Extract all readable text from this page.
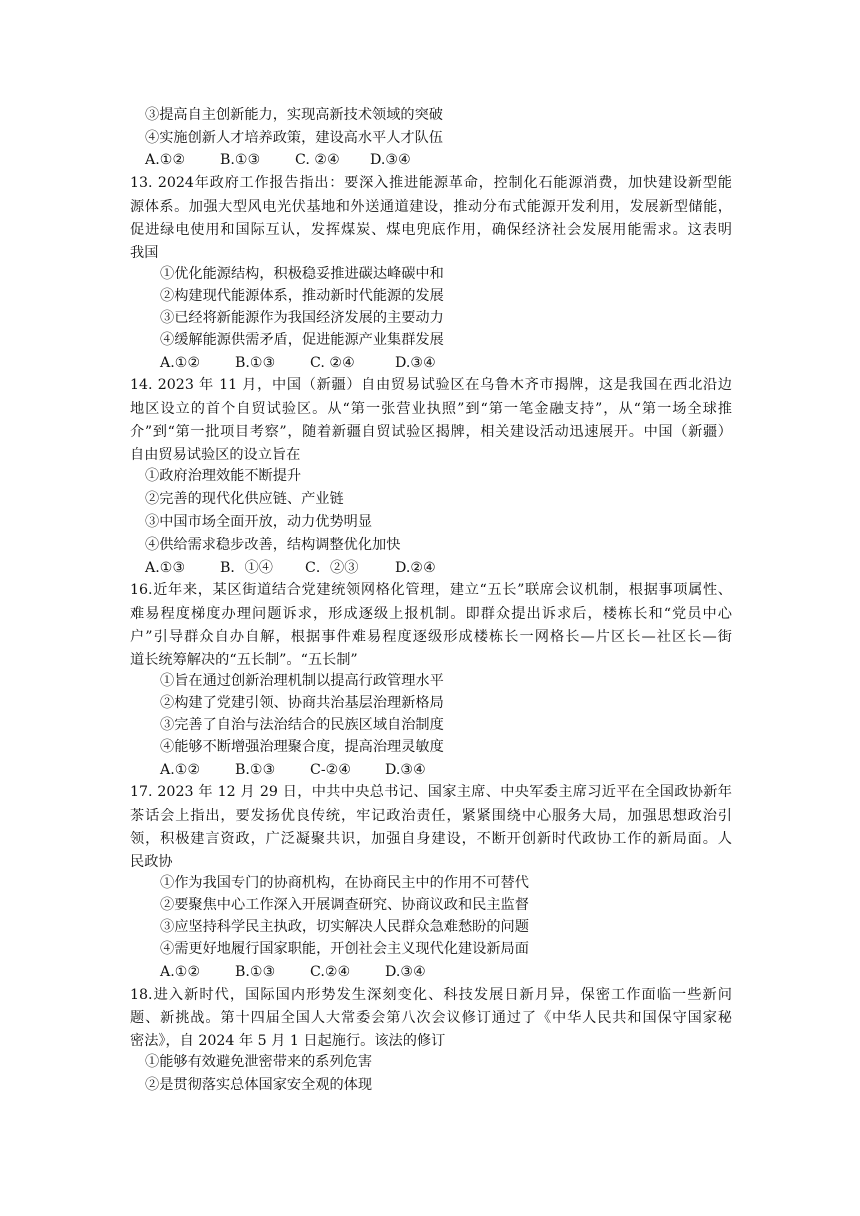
③提高自主创新能力，实现高新技术领域的突破
④实施创新人才培养政策，建设高水平人才队伍
A.①② B.①③ C. ②④ D.③④
13. 2024年政府工作报告指出：要深入推进能源革命，控制化石能源消费，加快建设新型能
源体系。加强大型风电光伏基地和外送通道建设，推动分布式能源开发利用，发展新型储能，
促进绿电使用和国际互认，发挥煤炭、煤电兜底作用，确保经济社会发展用能需求。这表明
我国
①优化能源结构，积极稳妥推进碳达峰碳中和
②构建现代能源体系，推动新时代能源的发展
③已经将新能源作为我国经济发展的主要动力
④缓解能源供需矛盾，促进能源产业集群发展
A.①② B.①③ C. ②④	D.③④
14. 2023 年 11 月，中国（新疆）自由贸易试验区在乌鲁木齐市揭牌，这是我国在西北沿边
地区设立的首个自贸试验区。从“第一张营业执照”到“第一笔金融支持”，从“第一场全球推
介”到“第一批项目考察”，随着新疆自贸试验区揭牌，相关建设活动迅速展开。中国（新疆）
自由贸易试验区的设立旨在
①政府治理效能不断提升
②完善的现代化供应链、产业链
③中国市场全面开放，动力优势明显
④供给需求稳步改善，结构调整优化加快
A.①③ B．①④ C．②③	D.②④
16.近年来，某区街道结合党建统领网格化管理，建立“五长”联席会议机制，根据事项属性、
难易程度梯度办理问题诉求，形成逐级上报机制。即群众提出诉求后，楼栋长和“党员中心
户”引导群众自办自解，根据事件难易程度逐级形成楼栋长一网格长—片区长—社区长—街
道长统筹解决的“五长制”。“五长制”
①旨在通过创新治理机制以提高行政管理水平
②构建了党建引领、协商共治基层治理新格局
③完善了自治与法治结合的民族区域自治制度
④能够不断增强治理聚合度，提高治理灵敏度
A.①② B.①③ C-②④ D.③④
17. 2023 年 12 月 29 日，中共中央总书记、国家主席、中央军委主席习近平在全国政协新年
茶话会上指出，要发扬优良传统，牢记政治责任，紧紧围绕中心服务大局，加强思想政治引
领，积极建言资政，广泛凝聚共识，加强自身建设，不断开创新时代政协工作的新局面。人
民政协
①作为我国专门的协商机构，在协商民主中的作用不可替代
②要聚焦中心工作深入开展调查研究、协商议政和民主监督
③应坚持科学民主执政，切实解决人民群众急难愁盼的问题
④需更好地履行国家职能，开创社会主义现代化建设新局面
A.①② B.①③ C.②④ D.③④
18.进入新时代，国际国内形势发生深刻变化、科技发展日新月异，保密工作面临一些新问
题、新挑战。第十四届全国人大常委会第八次会议修订通过了《中华人民共和国保守国家秘
密法》，自 2024 年 5 月 1 日起施行。该法的修订
①能够有效避免泄密带来的系列危害
②是贯彻落实总体国家安全观的体现
